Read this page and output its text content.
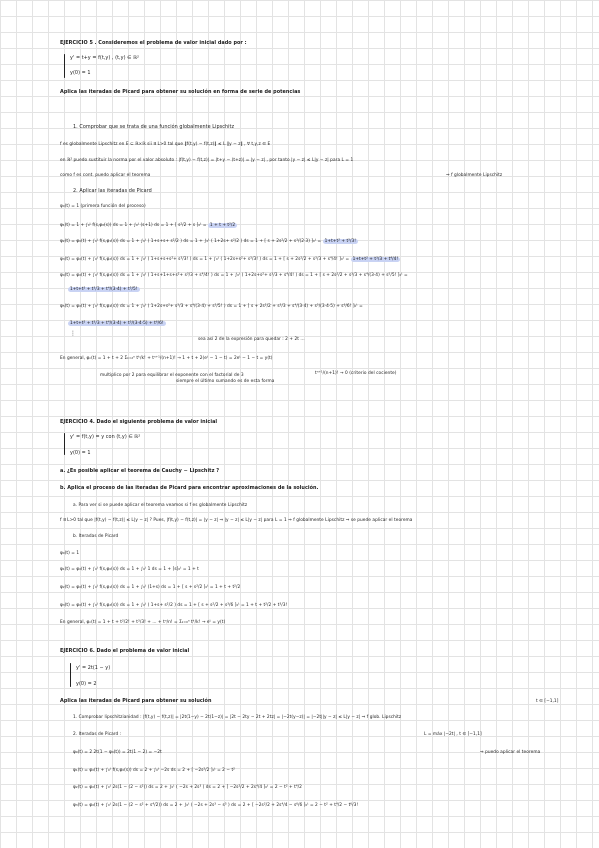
EJERCICIO 5 . Consideremos el problema de valor inicial dado por :
y' = t+y = f(t,y) , (t,y) ∈ ℝ²
y(0) = 1
Aplica las iteradas de Picard para obtener su solución en forma de serie de potencias
1. Comprobar que se trata de una función globalmente Lipschitz
f es globalmente Lipschitz en E ⊆ ℝ×ℝ sii ∃ L>0 tal que ‖f(t,y) − f(t,z)‖ ≤ L ‖y − z‖ , ∀ t,y,z ∈ E
en ℝ² puedo sustituir la norma por el valor absoluto : |f(t,y) − f(t,z)| = |t+y − (t+z)| = |y − z| , por tanto |y − z| ≤ L|y − z| para L = 1
como f es cont. puedo aplicar el teorema	⇒ f globalmente Lipschitz
2. Aplicar las iteradas de Picard
φ₀(t) = 1 (primera función del proceso)
φ₁(t) = 1 + ∫₀ᵗ f(s,φ₀(s)) ds = 1 + ∫₀ᵗ (s+1) ds = 1 + [ s²/2 + s ]₀ᵗ = 1 + t + t²/2
φ₂(t) = φ₀(t) + ∫₀ᵗ f(s,φ₁(s)) ds = 1 + ∫₀ᵗ ( 1+s+s+ s²/2 ) ds = 1 + ∫₀ᵗ ( 1+2s+ s²/2 ) ds = 1 + [ s + 2s²/2 + s³/(2·3) ]₀ᵗ = 1+t+t² + t³/3!
φ₃(t) = φ₀(t) + ∫₀ᵗ f(s,φ₂(s)) ds = 1 + ∫₀ᵗ ( 1+s+s+s²+ s³/3! ) ds = 1 + ∫₀ᵗ ( 1+2s+s²+ s³/3! ) ds = 1 + [ s + 2s²/2 + s³/3 + s⁴/4! ]₀ᵗ = 1+t+t² + t³/3 + t⁴/4!
φ₄(t) = φ₀(t) + ∫₀ᵗ f(s,φ₃(s)) ds = 1 + ∫₀ᵗ ( 1+s+1+s+s²+ s³/3 + s⁴/4! ) ds = 1 + ∫₀ᵗ ( 1+2s+s²+ s³/3 + s⁴/4! ) ds = 1 + [ s + 2s²/2 + s³/3 + s⁴/(3·4) + s⁵/5! ]₀ᵗ =
1+t+t² + t³/3 + t⁴/(3·4) + t⁵/5!
φ₅(t) = φ₀(t) + ∫₀ᵗ f(s,φ₄(s)) ds = 1 + ∫₀ᵗ ( 1+2s+s²+ s³/3 + s⁴/(3·4) + s⁵/5! ) ds = 1 + [ s + 2s²/2 + s³/3 + s⁴/(3·4) + s⁵/(3·4·5) + s⁶/6! ]₀ᵗ =
1+t+t² + t³/3 + t⁴/(3·4) + t⁵/(3·4·5) + t⁶/6!
⋮
sea así 2 de la expresión para quedar : 2 + 2t ...
En general, φₙ(t) = 1 + t + 2 Σₖ₌₂ⁿ tᵏ/k! + tⁿ⁺¹/(n+1)! → 1 + t + 2(eᵗ − 1 − t) = 2eᵗ − 1 − t = y(t)
multiplico por 2 para equilibrar el exponente con el factorial de 3
siempre el último sumando es de esta forma
tⁿ⁺¹/(n+1)! → 0 (criterio del cociente)
EJERCICIO 4. Dado el siguiente problema de valor inicial
y' = f(t,y) = y con (t,y) ∈ ℝ²
y(0) = 1
a. ¿Es posible aplicar el teorema de Cauchy − Lipschitz ?
b. Aplica el proceso de las iteradas de Picard para encontrar aproximaciones de la solución.
a. Para ver si se puede aplicar el teorema veamos si f es globalmente Lipschitz
f ∃ L>0 tal que |f(t,y) − f(t,z)| ≤ L|y − z| ? Pues, |f(t,y) − f(t,z)| = |y − z| ⇒ |y − z| ≤ L|y − z| para L = 1 ⇒ f globalmente Lipschitz ⇒ se puede aplicar el teorema
b. Iteradas de Picard
φ₀(t) = 1
φ₁(t) = φ₀(t) + ∫₀ᵗ f(s,φ₀(s)) ds = 1 + ∫₀ᵗ 1 ds = 1 + [s]₀ᵗ = 1 + t
φ₂(t) = φ₀(t) + ∫₀ᵗ f(s,φ₁(s)) ds = 1 + ∫₀ᵗ (1+s) ds = 1 + [ s + s²/2 ]₀ᵗ = 1 + t + t²/2
φ₃(t) = φ₀(t) + ∫₀ᵗ f(s,φ₂(s)) ds = 1 + ∫₀ᵗ ( 1+s+ s²/2 ) ds = 1 + [ s + s²/2 + s³/6 ]₀ᵗ = 1 + t + t²/2 + t³/3!
En general, φₙ(t) = 1 + t + t²/2! + t³/3! + ... + tⁿ/n! = Σₖ₌₀ⁿ tᵏ/k! → eᵗ = y(t)
EJERCICIO 6. Dado el problema de valor inicial
y' = 2t(1 − y)
y(0) = 2
t ∈ [−1,1]
Aplica las iteradas de Picard para obtener su solución
1. Comprobar lipschitzianidad : |f(t,y) − f(t,z)| = |2t(1−y) − 2t(1−z)| = |2t − 2ty − 2t + 2tz| = |−2t(y−z)| = |−2t||y − z| ≤ L|y − z| ⇒ f glob. Lipschitz
2. Iteradas de Picard :	L = máx |−2t| , t ∈ [−1,1]
⇒ puedo aplicar el teorema
φ₀(t) = 2 2t(1 − φ₀(t)) = 2t(1 − 2) = −2t
φ₁(t) = φ₀(t) + ∫₀ᵗ f(s,φ₀(s)) ds = 2 + ∫₀ᵗ −2s ds = 2 + [ −2s²/2 ]₀ᵗ = 2 − t²
φ₂(t) = φ₀(t) + ∫₀ᵗ 2s(1 − (2 − s²)) ds = 2 + ∫₀ᵗ ( −2s + 2s³ ) ds = 2 + [ −2s²/2 + 2s⁴/4 ]₀ᵗ = 2 − t² + t⁴/2
φ₃(t) = φ₀(t) + ∫₀ᵗ 2s(1 − (2 − s² + s⁴/2)) ds = 2 + ∫₀ᵗ ( −2s + 2s³ − s⁵ ) ds = 2 + [ −2s²/2 + 2s⁴/4 − s⁶/6 ]₀ᵗ = 2 − t² + t⁴/2 − t⁶/3!
